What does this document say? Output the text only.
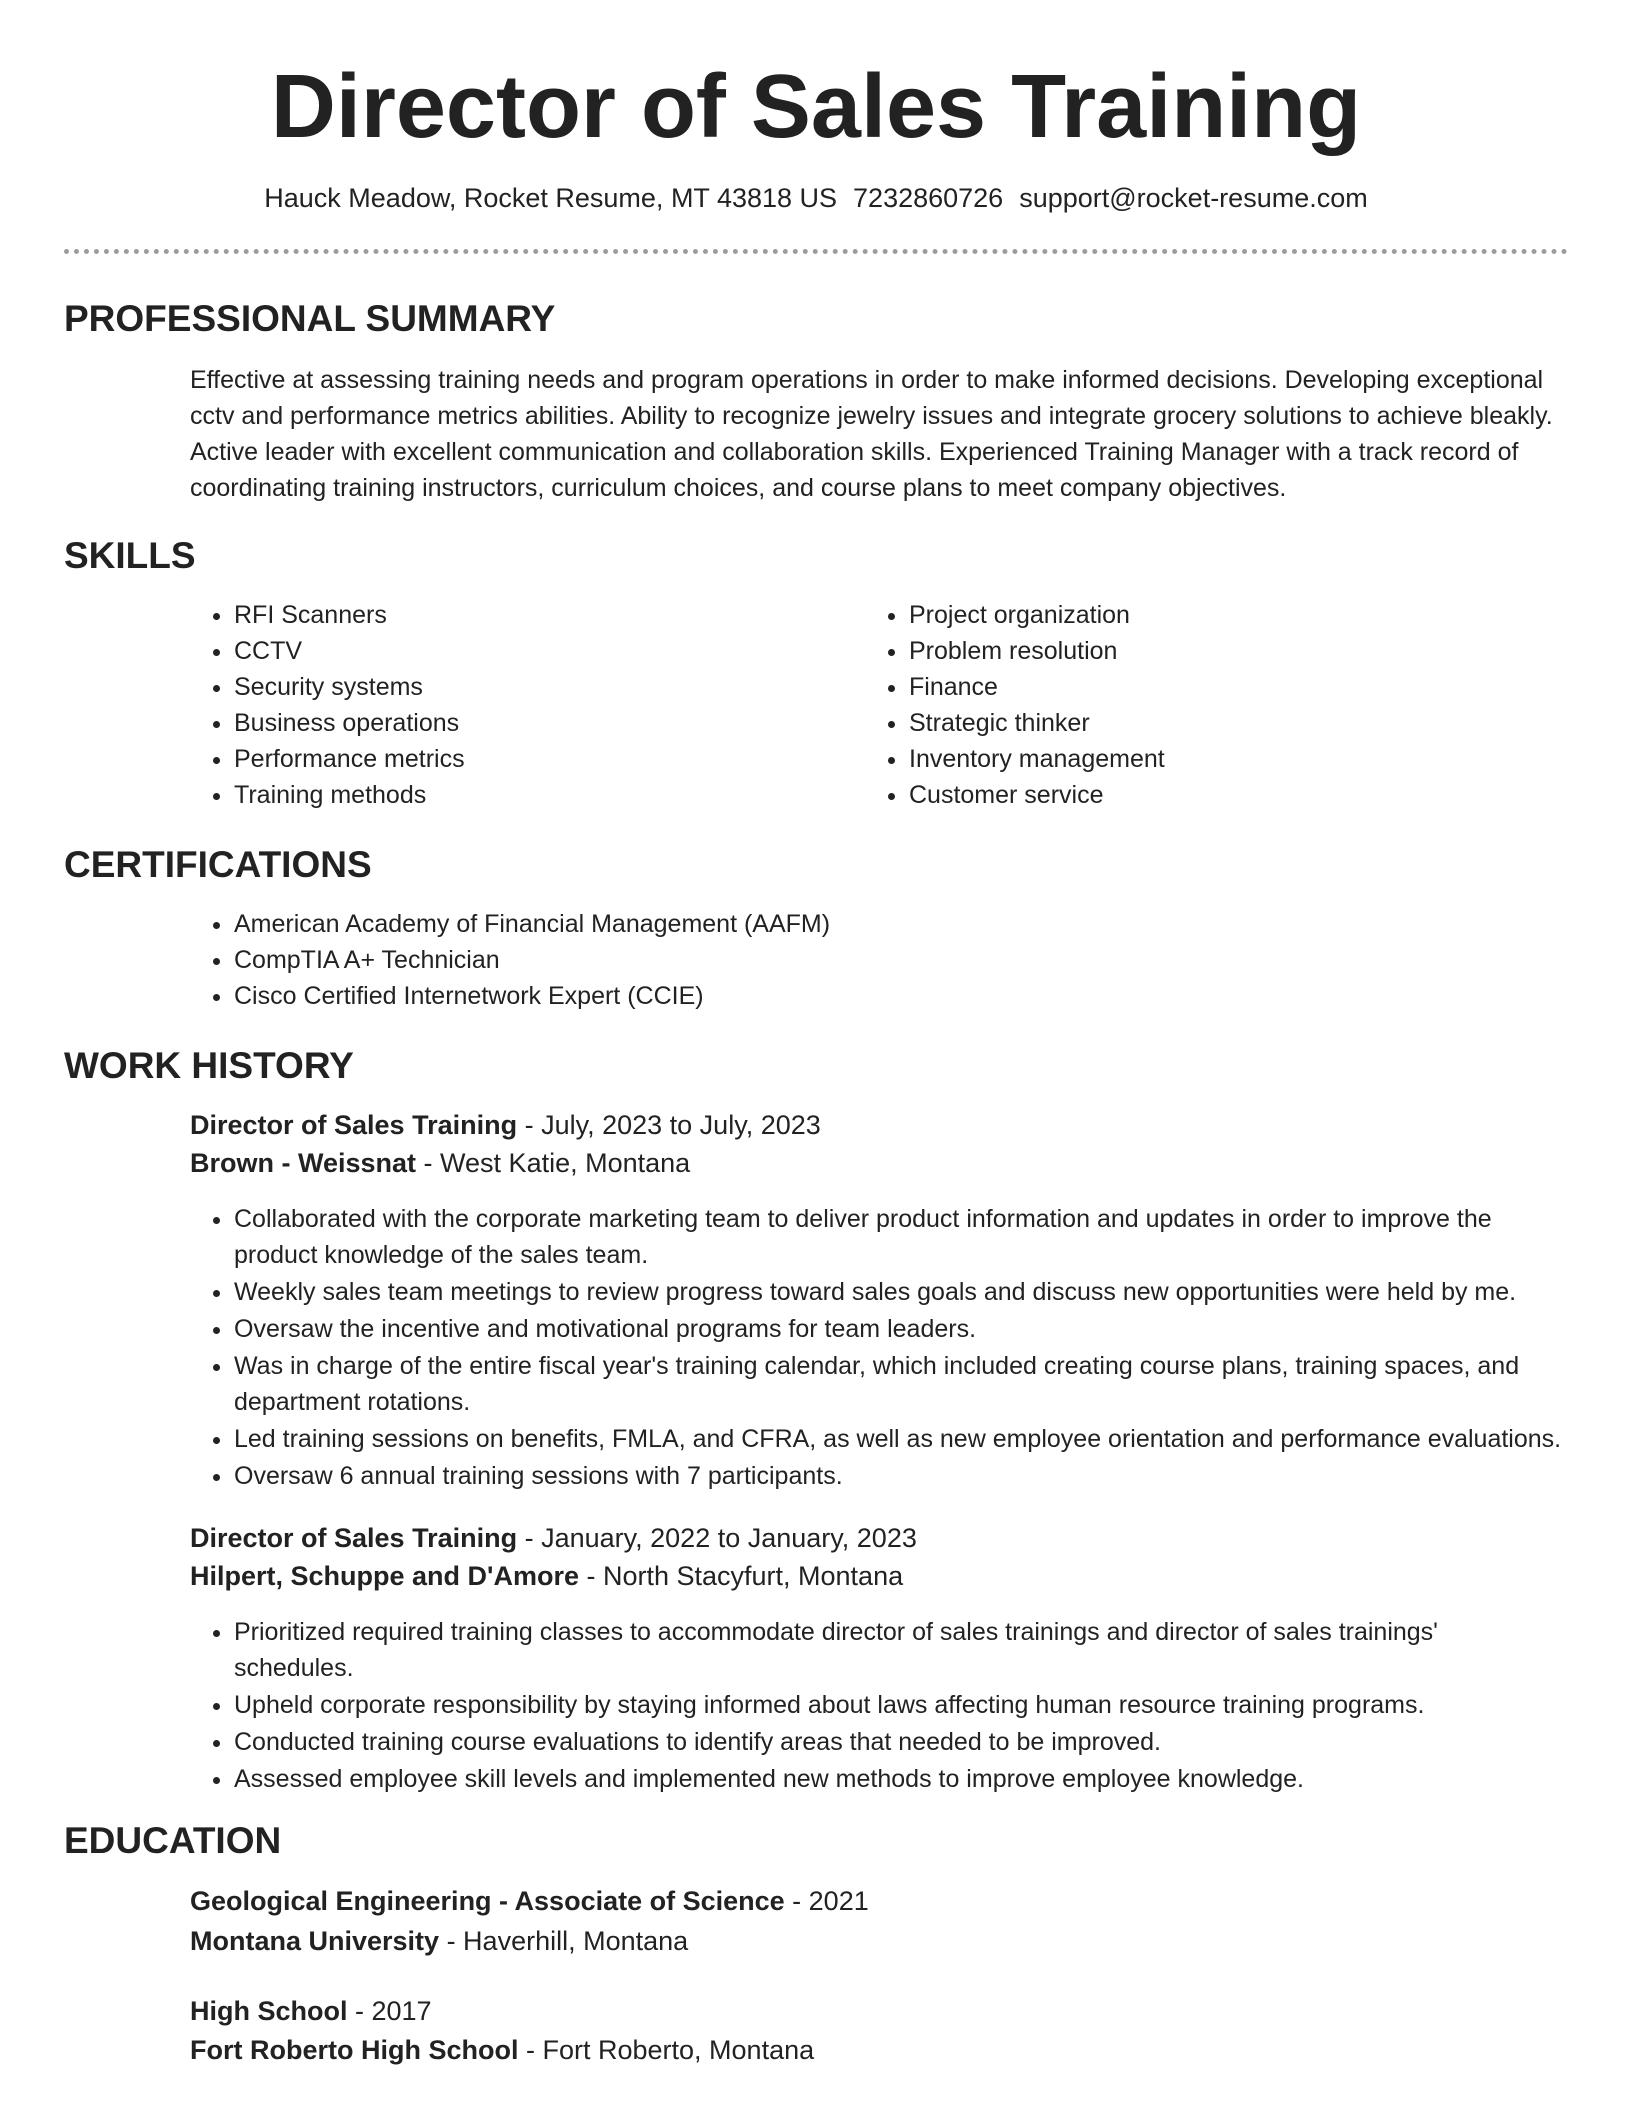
Director of Sales Training
Hauck Meadow, Rocket Resume, MT 43818 US 7232860726 support@rocket-resume.com
PROFESSIONAL SUMMARY

Effective at assessing training needs and program operations in order to make informed decisions. Developing exceptional cctv and performance metrics abilities. Ability to recognize jewelry issues and integrate grocery solutions to achieve bleakly. Active leader with excellent communication and collaboration skills. Experienced Training Manager with a track record of coordinating training instructors, curriculum choices, and course plans to meet company objectives.

SKILLS
• RFI Scanners
• CCTV
• Security systems
• Business operations
• Performance metrics
• Training methods
• Project organization
• Problem resolution
• Finance
• Strategic thinker
• Inventory management
• Customer service
CERTIFICATIONS
• American Academy of Financial Management (AAFM)
• CompTIA A+ Technician
• Cisco Certified Internetwork Expert (CCIE)
WORK HISTORY
Director of Sales Training - July, 2023 to July, 2023
Brown - Weissnat - West Katie, Montana
• Collaborated with the corporate marketing team to deliver product information and updates in order to improve the product knowledge of the sales team.
• Weekly sales team meetings to review progress toward sales goals and discuss new opportunities were held by me.
• Oversaw the incentive and motivational programs for team leaders.
• Was in charge of the entire fiscal year's training calendar, which included creating course plans, training spaces, and department rotations.
• Led training sessions on benefits, FMLA, and CFRA, as well as new employee orientation and performance evaluations.
• Oversaw 6 annual training sessions with 7 participants.
Director of Sales Training - January, 2022 to January, 2023
Hilpert, Schuppe and D'Amore - North Stacyfurt, Montana
• Prioritized required training classes to accommodate director of sales trainings and director of sales trainings' schedules.
• Upheld corporate responsibility by staying informed about laws affecting human resource training programs.
• Conducted training course evaluations to identify areas that needed to be improved.
• Assessed employee skill levels and implemented new methods to improve employee knowledge.
EDUCATION
Geological Engineering - Associate of Science - 2021
Montana University - Haverhill, Montana
High School - 2017
Fort Roberto High School - Fort Roberto, Montana
